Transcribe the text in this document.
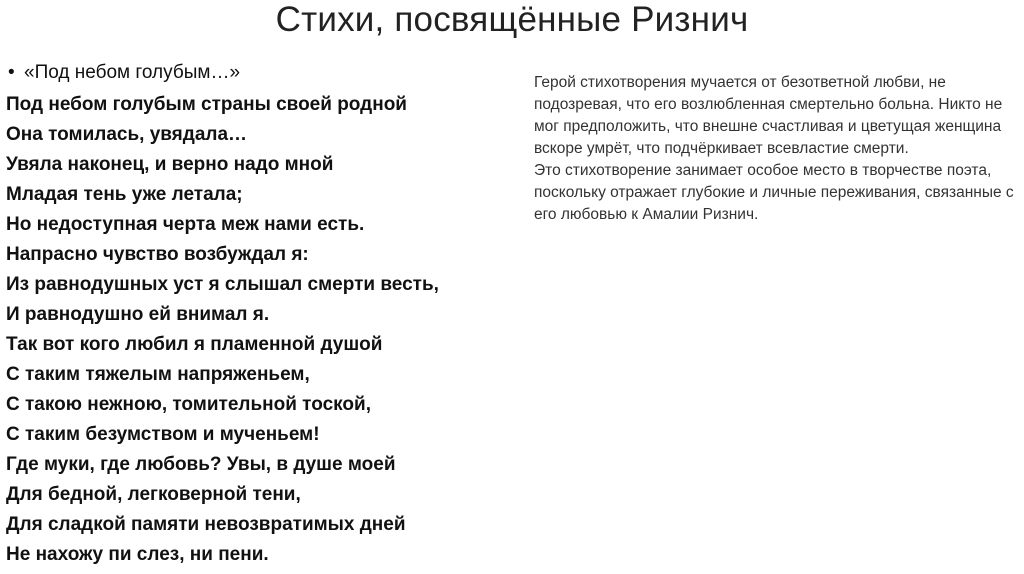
Стихи, посвящённые Ризнич
• «Под небом голубым…»
Под небом голубым страны своей родной
Она томилась, увядала…
Увяла наконец, и верно надо мной
Младая тень уже летала;
Но недоступная черта меж нами есть.
Напрасно чувство возбуждал я:
Из равнодушных уст я слышал смерти весть,
И равнодушно ей внимал я.
Так вот кого любил я пламенной душой
С таким тяжелым напряженьем,
С такою нежною, томительной тоской,
С таким безумством и мученьем!
Где муки, где любовь? Увы, в душе моей
Для бедной, легковерной тени,
Для сладкой памяти невозвратимых дней
Не нахожу пи слез, ни пени.

Герой стихотворения мучается от безответной любви, не подозревая, что его возлюбленная смертельно больна. Никто не мог предположить, что внешне счастливая и цветущая женщина вскоре умрёт, что подчёркивает всевластие смерти.

Это стихотворение занимает особое место в творчестве поэта, поскольку отражает глубокие и личные переживания, связанные с его любовью к Амалии Ризнич.
